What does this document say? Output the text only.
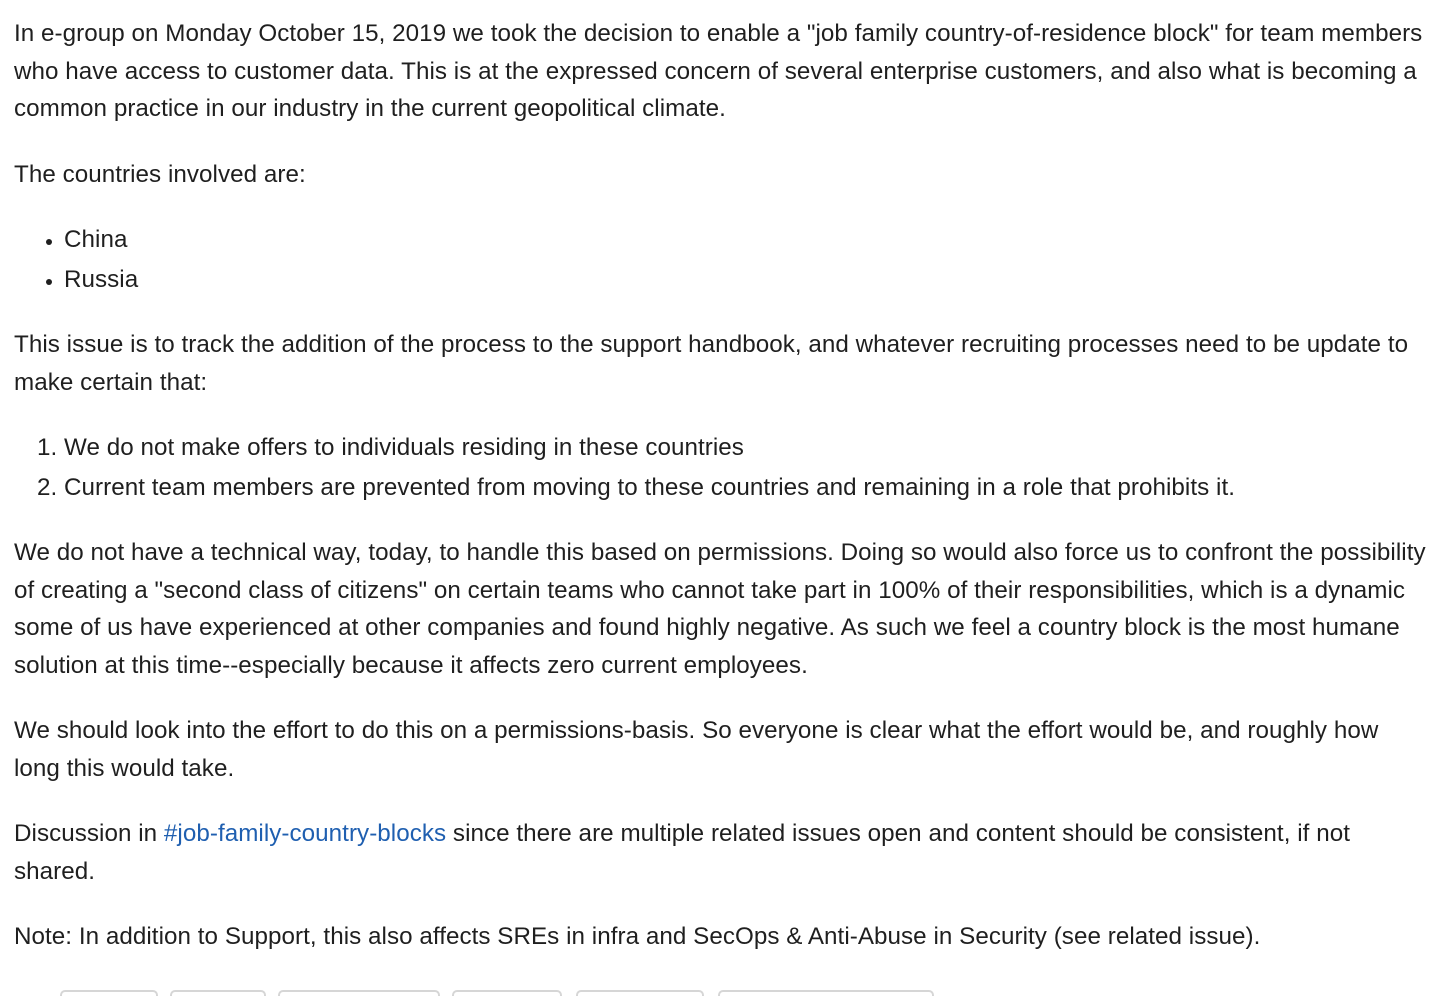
In e-group on Monday October 15, 2019 we took the decision to enable a "job family country-of-residence block" for team members who have access to customer data. This is at the expressed concern of several enterprise customers, and also what is becoming a common practice in our industry in the current geopolitical climate.

The countries involved are:

• China
• Russia

This issue is to track the addition of the process to the support handbook, and whatever recruiting processes need to be update to make certain that:

1. We do not make offers to individuals residing in these countries
2. Current team members are prevented from moving to these countries and remaining in a role that prohibits it.

We do not have a technical way, today, to handle this based on permissions. Doing so would also force us to confront the possibility of creating a "second class of citizens" on certain teams who cannot take part in 100% of their responsibilities, which is a dynamic some of us have experienced at other companies and found highly negative. As such we feel a country block is the most humane solution at this time--especially because it affects zero current employees.

We should look into the effort to do this on a permissions-basis. So everyone is clear what the effort would be, and roughly how long this would take.

Discussion in #job-family-country-blocks since there are multiple related issues open and content should be consistent, if not shared.

Note: In addition to Support, this also affects SREs in infra and SecOps & Anti-Abuse in Security (see related issue).
